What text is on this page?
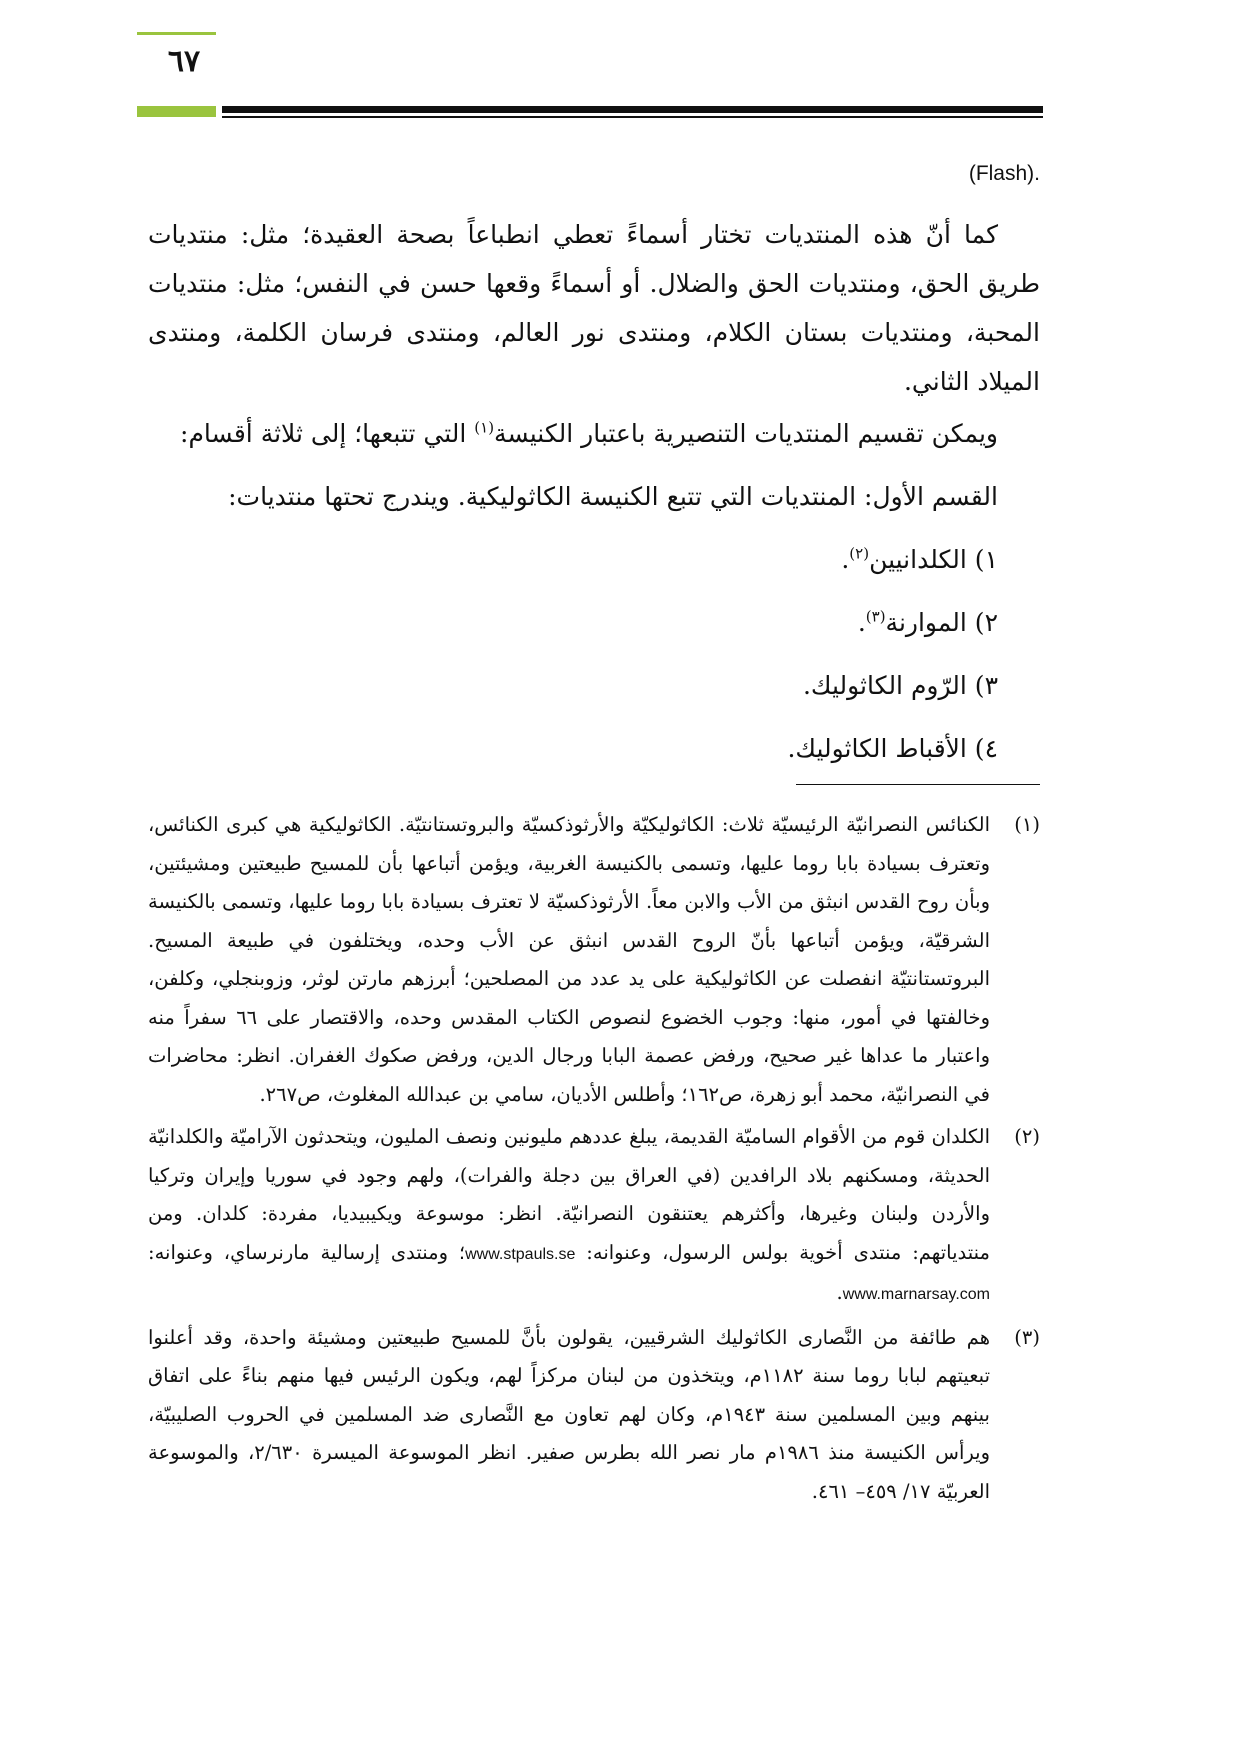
٦٧
.(Flash)

كما أنّ هذه المنتديات تختار أسماءً تعطي انطباعاً بصحة العقيدة؛ مثل: منتديات طريق الحق، ومنتديات الحق والضلال. أو أسماءً وقعها حسن في النفس؛ مثل: منتديات المحبة، ومنتديات بستان الكلام، ومنتدى نور العالم، ومنتدى فرسان الكلمة، ومنتدى الميلاد الثاني.

ويمكن تقسيم المنتديات التنصيرية باعتبار الكنيسة$^{(١)}$ التي تتبعها؛ إلى ثلاثة أقسام:

القسم الأول: المنتديات التي تتبع الكنيسة الكاثوليكية. ويندرج تحتها منتديات:

١) الكلدانيين$^{(٢)}$.

٢) الموارنة$^{(٣)}$.

٣) الرّوم الكاثوليك.

٤) الأقباط الكاثوليك.

(١)
الكنائس النصرانيّة الرئيسيّة ثلاث: الكاثوليكيّة والأرثوذكسيّة والبروتستانتيّة. الكاثوليكية هي كبرى الكنائس، وتعترف بسيادة بابا روما عليها، وتسمى بالكنيسة الغربية، ويؤمن أتباعها بأن للمسيح طبيعتين ومشيئتين، وبأن روح القدس انبثق من الأب والابن معاً. الأرثوذكسيّة لا تعترف بسيادة بابا روما عليها، وتسمى بالكنيسة الشرقيّة، ويؤمن أتباعها بأنّ الروح القدس انبثق عن الأب وحده، ويختلفون في طبيعة المسيح. البروتستانتيّة انفصلت عن الكاثوليكية على يد عدد من المصلحين؛ أبرزهم مارتن لوثر، وزوبنجلي، وكلفن، وخالفتها في أمور، منها: وجوب الخضوع لنصوص الكتاب المقدس وحده، والاقتصار على ٦٦ سفراً منه واعتبار ما عداها غير صحيح، ورفض عصمة البابا ورجال الدين، ورفض صكوك الغفران. انظر: محاضرات في النصرانيّة، محمد أبو زهرة، ص١٦٢؛ وأطلس الأديان، سامي بن عبدالله المغلوث، ص٢٦٧.

(٢)
الكلدان قوم من الأقوام الساميّة القديمة، يبلغ عددهم مليونين ونصف المليون، ويتحدثون الآراميّة والكلدانيّة الحديثة، ومسكنهم بلاد الرافدين (في العراق بين دجلة والفرات)، ولهم وجود في سوريا وإيران وتركيا والأردن ولبنان وغيرها، وأكثرهم يعتنقون النصرانيّة. انظر: موسوعة ويكيبيديا، مفردة: كلدان. ومن منتدياتهم: منتدى أخوية بولس الرسول، وعنوانه: www.stpauls.se؛ ومنتدى إرسالية مارنرساي، وعنوانه: www.marnarsay.com.

(٣)
هم طائفة من النَّصارى الكاثوليك الشرقيين، يقولون بأنَّ للمسيح طبيعتين ومشيئة واحدة، وقد أعلنوا تبعيتهم لبابا روما سنة ١١٨٢م، ويتخذون من لبنان مركزاً لهم، ويكون الرئيس فيها منهم بناءً على اتفاق بينهم وبين المسلمين سنة ١٩٤٣م، وكان لهم تعاون مع النَّصارى ضد المسلمين في الحروب الصليبيّة، ويرأس الكنيسة منذ ١٩٨٦م مار نصر الله بطرس صفير. انظر الموسوعة الميسرة ٢/٦٣٠، والموسوعة العربيّة ١٧/ ٤٥٩– ٤٦١.
